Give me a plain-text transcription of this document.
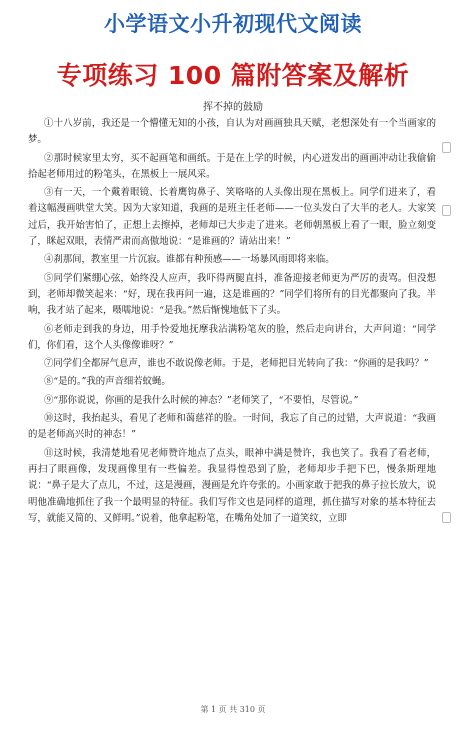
小学语文小升初现代文阅读
专项练习 100 篇附答案及解析
挥不掉的鼓励

①十八岁前，我还是一个懵懂无知的小孩，自认为对画画独具天赋，老想深处有一个当画家的梦。

②那时候家里太穷，买不起画笔和画纸。于是在上学的时候，内心迸发出的画画冲动让我偷偷拾起老师用过的粉笔头，在黑板上一展风采。

③有一天，一个戴着眼镜、长着鹰钩鼻子、笑咯咯的人头像出现在黑板上。同学们进来了，看着这幅漫画哄堂大笑。因为大家知道，我画的是班主任老师——一位头发白了大半的老人。大家笑过后，我开始害怕了，正想上去擦掉，老师却已大步走了进来。老师朝黑板上看了一眼，脸立刻变了，眯起双眼，表情严肃而高傲地说：“是谁画的？请站出来！”

④刹那间，教室里一片沉寂。谁都有种预感——一场暴风雨即将来临。

⑤同学们紧绷心弦，始终没人应声，我吓得两腿直抖，准备迎接老师更为严厉的责骂。但没想到，老师却微笑起来：“好，现在我再问一遍，这是谁画的？”同学们将所有的目光都聚向了我。半响，我才站了起来，嗫嚅地说：“是我。”然后惭愧地低下了头。

⑥老师走到我的身边，用手怜爱地抚摩我沾满粉笔灰的脸，然后走向讲台，大声问道：“同学们，你们看，这个人头像像谁呀？”

⑦同学们全都屏气息声，谁也不敢说像老师。于是，老师把目光转向了我：“你画的是我吗？”

⑧“是的。”我的声音细若蚊蝇。

⑨“那你说说，你画的是我什么时候的神态？”老师笑了，“不要怕，尽管说。”

⑩这时，我抬起头，看见了老师和蔼慈祥的脸。一时间，我忘了自己的过错，大声说道：“我画的是老师高兴时的神态！”

⑪这时候，我清楚地看见老师赞许地点了点头，眼神中满是赞许，我也笑了。我看了看老师，再扫了眼画像，发现画像里有一些偏差。我显得惶恐到了脸，老师却步手把下巴，慢条斯理地说：“鼻子是大了点儿，不过，这是漫画，漫画是允许夸张的。小画家敢于把我的鼻子拉长放大，说明他准确地抓住了我一个最明显的特征。我们写作文也是同样的道理，抓住描写对象的基本特征去写，就能又简的、又鲜明。”说着，他拿起粉笔，在嘴角处加了一道笑纹，立即

第 1 页 共 310 页
